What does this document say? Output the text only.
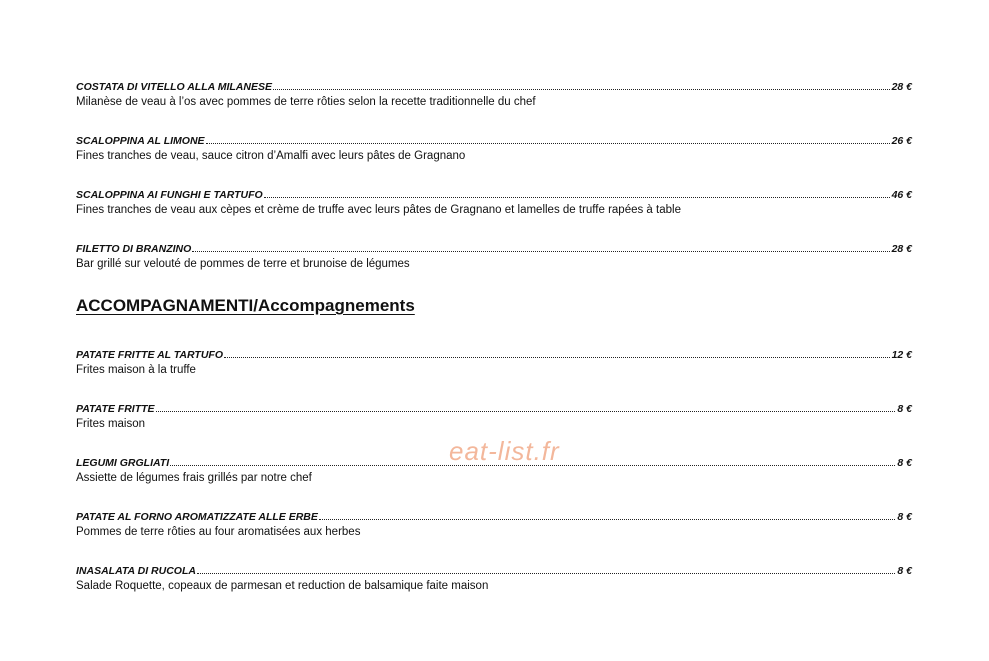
COSTATA DI VITELLO ALLA MILANESE	28 €
Milanèse de veau à l’os avec pommes de terre rôties selon la recette traditionnelle du chef
SCALOPPINA AL LIMONE	26 €
Fines tranches de veau, sauce citron d’Amalfi avec leurs pâtes de Gragnano
SCALOPPINA AI FUNGHI E TARTUFO	46 €
Fines tranches de veau aux cèpes et crème de truffe avec leurs pâtes de Gragnano et lamelles de truffe rapées à table
FILETTO DI BRANZINO	28 €
Bar grillé sur velouté de pommes de terre et brunoise de légumes
ACCOMPAGNAMENTI/Accompagnements
PATATE FRITTE AL TARTUFO	12 €
Frites maison à la truffe
PATATE FRITTE	8 €
Frites maison
LEGUMI GRGLIATI	8 €
Assiette de légumes frais grillés par notre chef
PATATE AL FORNO AROMATIZZATE ALLE ERBE	8 €
Pommes de terre rôties au four aromatisées aux herbes
INASALATA DI RUCOLA	8 €
Salade Roquette, copeaux de parmesan et reduction de balsamique faite maison
eat-list.fr
